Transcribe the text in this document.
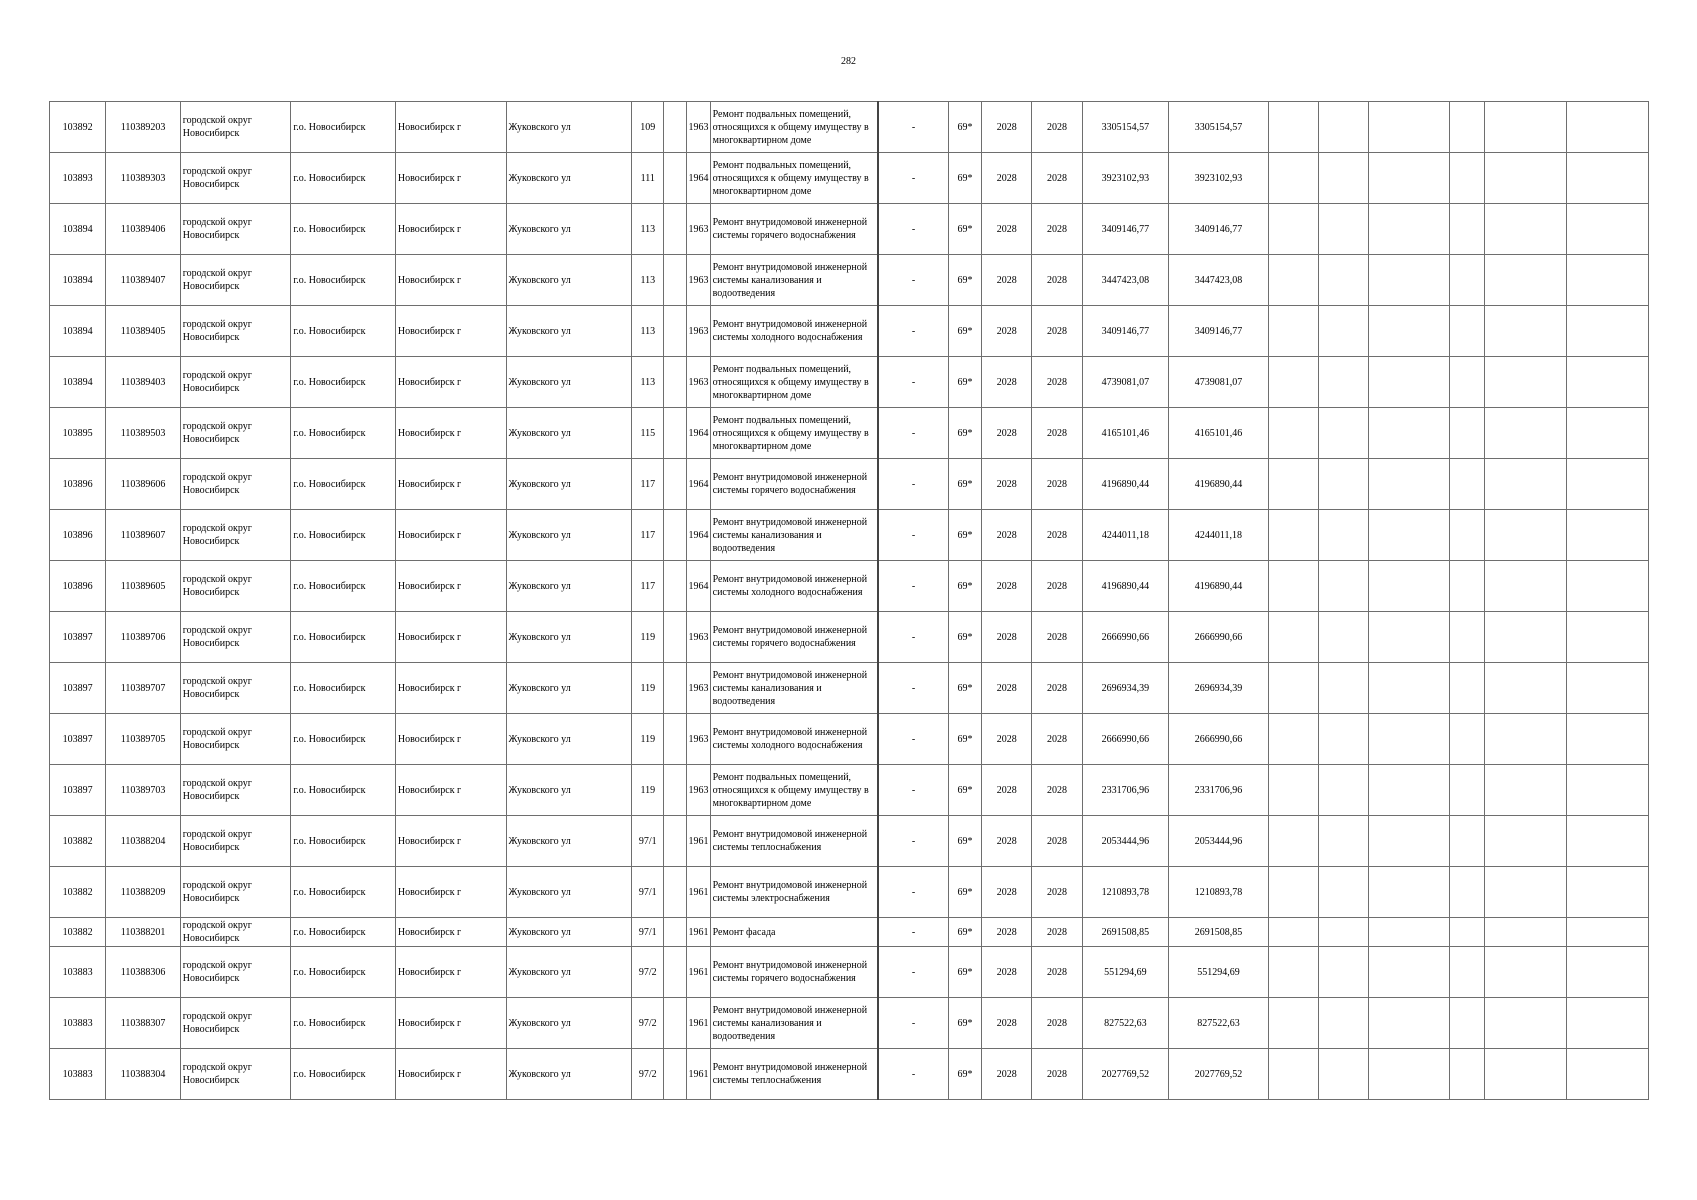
282
103892	110389203	городской округ Новосибирск	г.о. Новосибирск	Новосибирск г	Жуковского ул	109		1963	Ремонт подвальных помещений, относящихся к общему имуществу в многоквартирном доме	-	69*	2028	2028	3305154,57	3305154,57						
103893	110389303	городской округ Новосибирск	г.о. Новосибирск	Новосибирск г	Жуковского ул	111		1964	Ремонт подвальных помещений, относящихся к общему имуществу в многоквартирном доме	-	69*	2028	2028	3923102,93	3923102,93						
103894	110389406	городской округ Новосибирск	г.о. Новосибирск	Новосибирск г	Жуковского ул	113		1963	Ремонт внутридомовой инженерной системы горячего водоснабжения	-	69*	2028	2028	3409146,77	3409146,77						
103894	110389407	городской округ Новосибирск	г.о. Новосибирск	Новосибирск г	Жуковского ул	113		1963	Ремонт внутридомовой инженерной системы канализования и водоотведения	-	69*	2028	2028	3447423,08	3447423,08						
103894	110389405	городской округ Новосибирск	г.о. Новосибирск	Новосибирск г	Жуковского ул	113		1963	Ремонт внутридомовой инженерной системы холодного водоснабжения	-	69*	2028	2028	3409146,77	3409146,77						
103894	110389403	городской округ Новосибирск	г.о. Новосибирск	Новосибирск г	Жуковского ул	113		1963	Ремонт подвальных помещений, относящихся к общему имуществу в многоквартирном доме	-	69*	2028	2028	4739081,07	4739081,07						
103895	110389503	городской округ Новосибирск	г.о. Новосибирск	Новосибирск г	Жуковского ул	115		1964	Ремонт подвальных помещений, относящихся к общему имуществу в многоквартирном доме	-	69*	2028	2028	4165101,46	4165101,46						
103896	110389606	городской округ Новосибирск	г.о. Новосибирск	Новосибирск г	Жуковского ул	117		1964	Ремонт внутридомовой инженерной системы горячего водоснабжения	-	69*	2028	2028	4196890,44	4196890,44						
103896	110389607	городской округ Новосибирск	г.о. Новосибирск	Новосибирск г	Жуковского ул	117		1964	Ремонт внутридомовой инженерной системы канализования и водоотведения	-	69*	2028	2028	4244011,18	4244011,18						
103896	110389605	городской округ Новосибирск	г.о. Новосибирск	Новосибирск г	Жуковского ул	117		1964	Ремонт внутридомовой инженерной системы холодного водоснабжения	-	69*	2028	2028	4196890,44	4196890,44						
103897	110389706	городской округ Новосибирск	г.о. Новосибирск	Новосибирск г	Жуковского ул	119		1963	Ремонт внутридомовой инженерной системы горячего водоснабжения	-	69*	2028	2028	2666990,66	2666990,66						
103897	110389707	городской округ Новосибирск	г.о. Новосибирск	Новосибирск г	Жуковского ул	119		1963	Ремонт внутридомовой инженерной системы канализования и водоотведения	-	69*	2028	2028	2696934,39	2696934,39						
103897	110389705	городской округ Новосибирск	г.о. Новосибирск	Новосибирск г	Жуковского ул	119		1963	Ремонт внутридомовой инженерной системы холодного водоснабжения	-	69*	2028	2028	2666990,66	2666990,66						
103897	110389703	городской округ Новосибирск	г.о. Новосибирск	Новосибирск г	Жуковского ул	119		1963	Ремонт подвальных помещений, относящихся к общему имуществу в многоквартирном доме	-	69*	2028	2028	2331706,96	2331706,96						
103882	110388204	городской округ Новосибирск	г.о. Новосибирск	Новосибирск г	Жуковского ул	97/1		1961	Ремонт внутридомовой инженерной системы теплоснабжения	-	69*	2028	2028	2053444,96	2053444,96						
103882	110388209	городской округ Новосибирск	г.о. Новосибирск	Новосибирск г	Жуковского ул	97/1		1961	Ремонт внутридомовой инженерной системы электроснабжения	-	69*	2028	2028	1210893,78	1210893,78						
103882	110388201	городской округ Новосибирск	г.о. Новосибирск	Новосибирск г	Жуковского ул	97/1		1961	Ремонт фасада	-	69*	2028	2028	2691508,85	2691508,85						
103883	110388306	городской округ Новосибирск	г.о. Новосибирск	Новосибирск г	Жуковского ул	97/2		1961	Ремонт внутридомовой инженерной системы горячего водоснабжения	-	69*	2028	2028	551294,69	551294,69						
103883	110388307	городской округ Новосибирск	г.о. Новосибирск	Новосибирск г	Жуковского ул	97/2		1961	Ремонт внутридомовой инженерной системы канализования и водоотведения	-	69*	2028	2028	827522,63	827522,63						
103883	110388304	городской округ Новосибирск	г.о. Новосибирск	Новосибирск г	Жуковского ул	97/2		1961	Ремонт внутридомовой инженерной системы теплоснабжения	-	69*	2028	2028	2027769,52	2027769,52						
